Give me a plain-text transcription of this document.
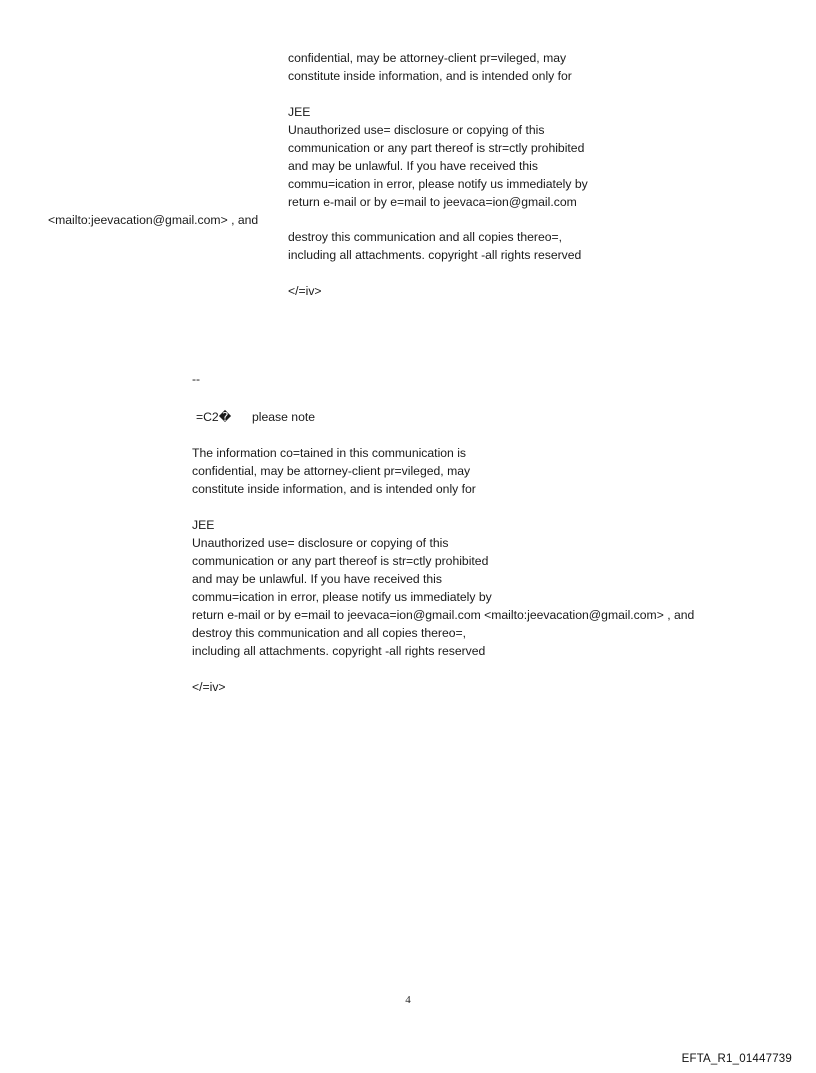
confidential, may be attorney-client pr=vileged, may

constitute inside information, and is intended only for

JEE

Unauthorized use= disclosure or copying of this

communication or any part thereof is str=ctly prohibited

and may be unlawful. If you have received this

commu=ication in error, please notify us immediately by

return e-mail or by e=mail to jeevaca=ion@gmail.com

<mailto:jeevacation@gmail.com> , and

destroy this communication and all copies thereo=,

including all attachments. copyright -all rights reserved

</=iv>

--

=C2� please note

The information co=tained in this communication is

confidential, may be attorney-client pr=vileged, may

constitute inside information, and is intended only for

JEE

Unauthorized use= disclosure or copying of this

communication or any part thereof is str=ctly prohibited

and may be unlawful. If you have received this

commu=ication in error, please notify us immediately by

return e-mail or by e=mail to jeevaca=ion@gmail.com <mailto:jeevacation@gmail.com> , and

destroy this communication and all copies thereo=,

including all attachments. copyright -all rights reserved

</=iv>

4
EFTA_R1_01447739
